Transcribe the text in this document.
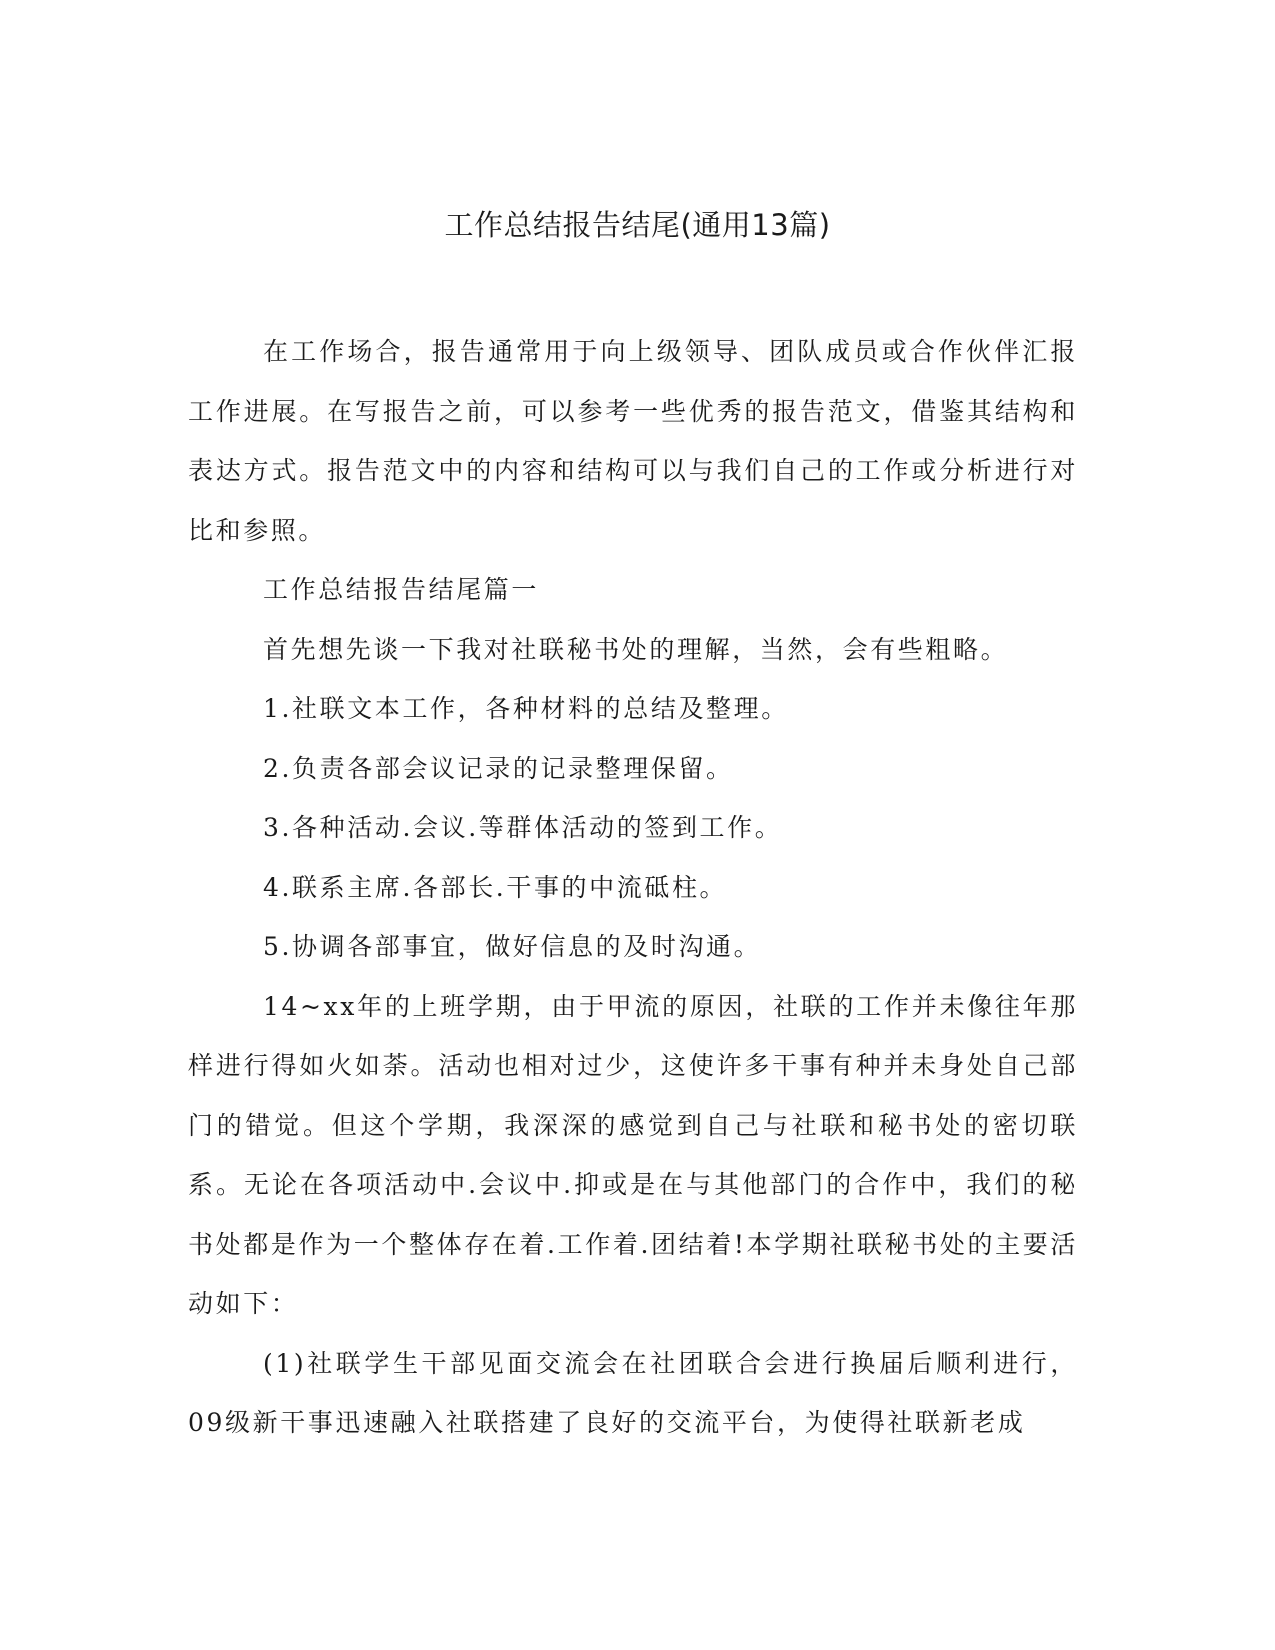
工作总结报告结尾(通用13篇)

在工作场合，报告通常用于向上级领导、团队成员或合作伙伴汇报工作进展。在写报告之前，可以参考一些优秀的报告范文，借鉴其结构和表达方式。报告范文中的内容和结构可以与我们自己的工作或分析进行对比和参照。

工作总结报告结尾篇一

首先想先谈一下我对社联秘书处的理解，当然，会有些粗略。

1.社联文本工作，各种材料的总结及整理。

2.负责各部会议记录的记录整理保留。

3.各种活动.会议.等群体活动的签到工作。

4.联系主席.各部长.干事的中流砥柱。

5.协调各部事宜，做好信息的及时沟通。

14~xx年的上班学期，由于甲流的原因，社联的工作并未像往年那样进行得如火如荼。活动也相对过少，这使许多干事有种并未身处自己部门的错觉。但这个学期，我深深的感觉到自己与社联和秘书处的密切联系。无论在各项活动中.会议中.抑或是在与其他部门的合作中，我们的秘书处都是作为一个整体存在着.工作着.团结着!本学期社联秘书处的主要活动如下：

(1)社联学生干部见面交流会在社团联合会进行换届后顺利进行，09级新干事迅速融入社联搭建了良好的交流平台，为使得社联新老成
